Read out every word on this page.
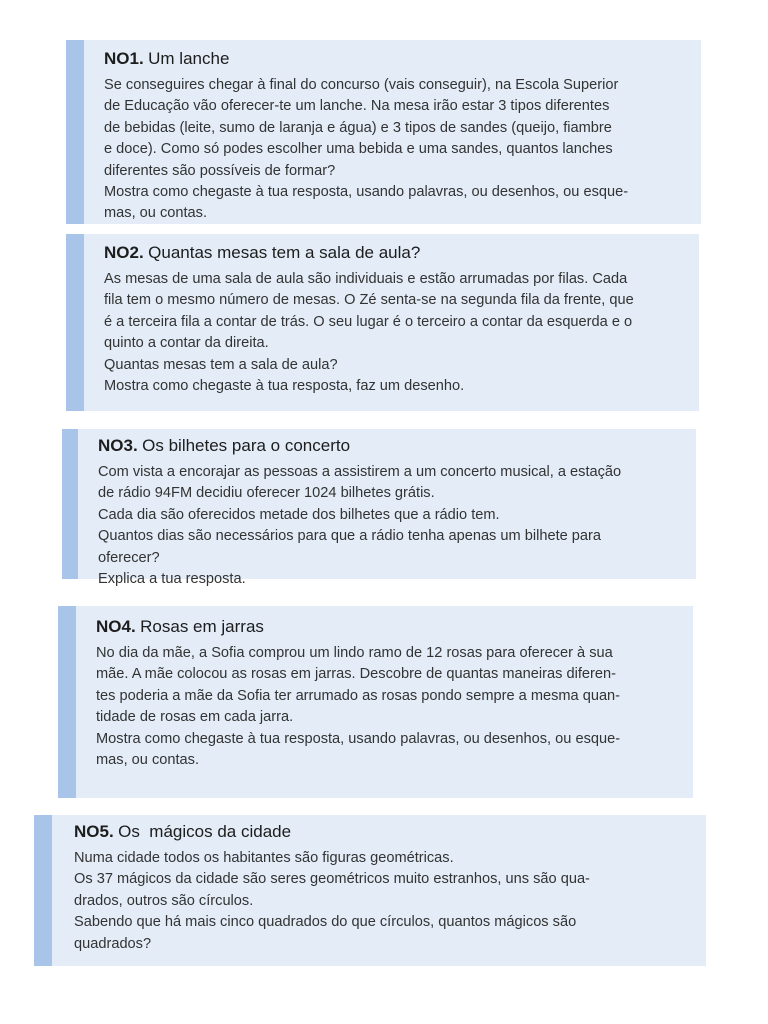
NO1. Um lanche

Se conseguires chegar à final do concurso (vais conseguir), na Escola Superior
de Educação vão oferecer-te um lanche. Na mesa irão estar 3 tipos diferentes
de bebidas (leite, sumo de laranja e água) e 3 tipos de sandes (queijo, fiambre
e doce). Como só podes escolher uma bebida e uma sandes, quantos lanches
diferentes são possíveis de formar?
Mostra como chegaste à tua resposta, usando palavras, ou desenhos, ou esque-
mas, ou contas.

NO2. Quantas mesas tem a sala de aula?

As mesas de uma sala de aula são individuais e estão arrumadas por filas. Cada
fila tem o mesmo número de mesas. O Zé senta-se na segunda fila da frente, que
é a terceira fila a contar de trás. O seu lugar é o terceiro a contar da esquerda e o
quinto a contar da direita.
Quantas mesas tem a sala de aula?
Mostra como chegaste à tua resposta, faz um desenho.

NO3. Os bilhetes para o concerto

Com vista a encorajar as pessoas a assistirem a um concerto musical, a estação
de rádio 94FM decidiu oferecer 1024 bilhetes grátis.
Cada dia são oferecidos metade dos bilhetes que a rádio tem.
Quantos dias são necessários para que a rádio tenha apenas um bilhete para
oferecer?
Explica a tua resposta.

NO4. Rosas em jarras

No dia da mãe, a Sofia comprou um lindo ramo de 12 rosas para oferecer à sua
mãe. A mãe colocou as rosas em jarras. Descobre de quantas maneiras diferen-
tes poderia a mãe da Sofia ter arrumado as rosas pondo sempre a mesma quan-
tidade de rosas em cada jarra.
Mostra como chegaste à tua resposta, usando palavras, ou desenhos, ou esque-
mas, ou contas.

NO5. Os  mágicos da cidade

Numa cidade todos os habitantes são figuras geométricas.
Os 37 mágicos da cidade são seres geométricos muito estranhos, uns são qua-
drados, outros são círculos.
Sabendo que há mais cinco quadrados do que círculos, quantos mágicos são
quadrados?
